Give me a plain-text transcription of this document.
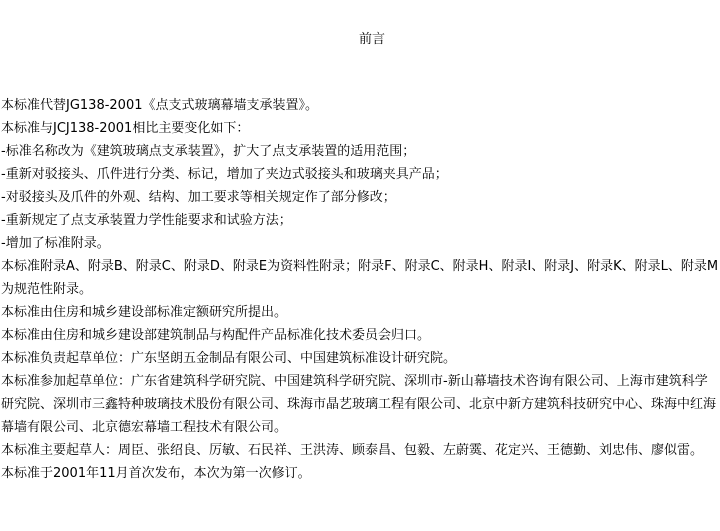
前言

本标准代替JG138-2001《点支式玻璃幕墙支承装置》。

本标准与JCJ138-2001相比主要变化如下：

-标准名称改为《建筑玻璃点支承装置》，扩大了点支承装置的适用范围；

-重新对驳接头、爪件进行分类、标记，增加了夹边式驳接头和玻璃夹具产品；

-对驳接头及爪件的外观、结构、加工要求等相关规定作了部分修改；

-重新规定了点支承装置力学性能要求和试验方法；

-增加了标准附录。

本标准附录A、附录B、附录C、附录D、附录E为资料性附录；附录F、附录C、附录H、附录I、附录J、附录K、附录L、附录M为规范性附录。

本标准由住房和城乡建设部标准定额研究所提出。

本标准由住房和城乡建设部建筑制品与构配件产品标准化技术委员会归口。

本标准负责起草单位：广东坚朗五金制品有限公司、中国建筑标准设计研究院。

本标准参加起草单位：广东省建筑科学研究院、中国建筑科学研究院、深圳市-新山幕墙技术咨询有限公司、上海市建筑科学研究院、深圳市三鑫特种玻璃技术股份有限公司、珠海市晶艺玻璃工程有限公司、北京中新方建筑科技研究中心、珠海中红海幕墙有限公司、北京德宏幕墙工程技术有限公司。

本标准主要起草人：周臣、张绍良、厉敏、石民祥、王洪涛、顾泰昌、包毅、左蔚霙、花定兴、王德勤、刘忠伟、廖似雷。

本标准于2001年11月首次发布，本次为第一次修订。
